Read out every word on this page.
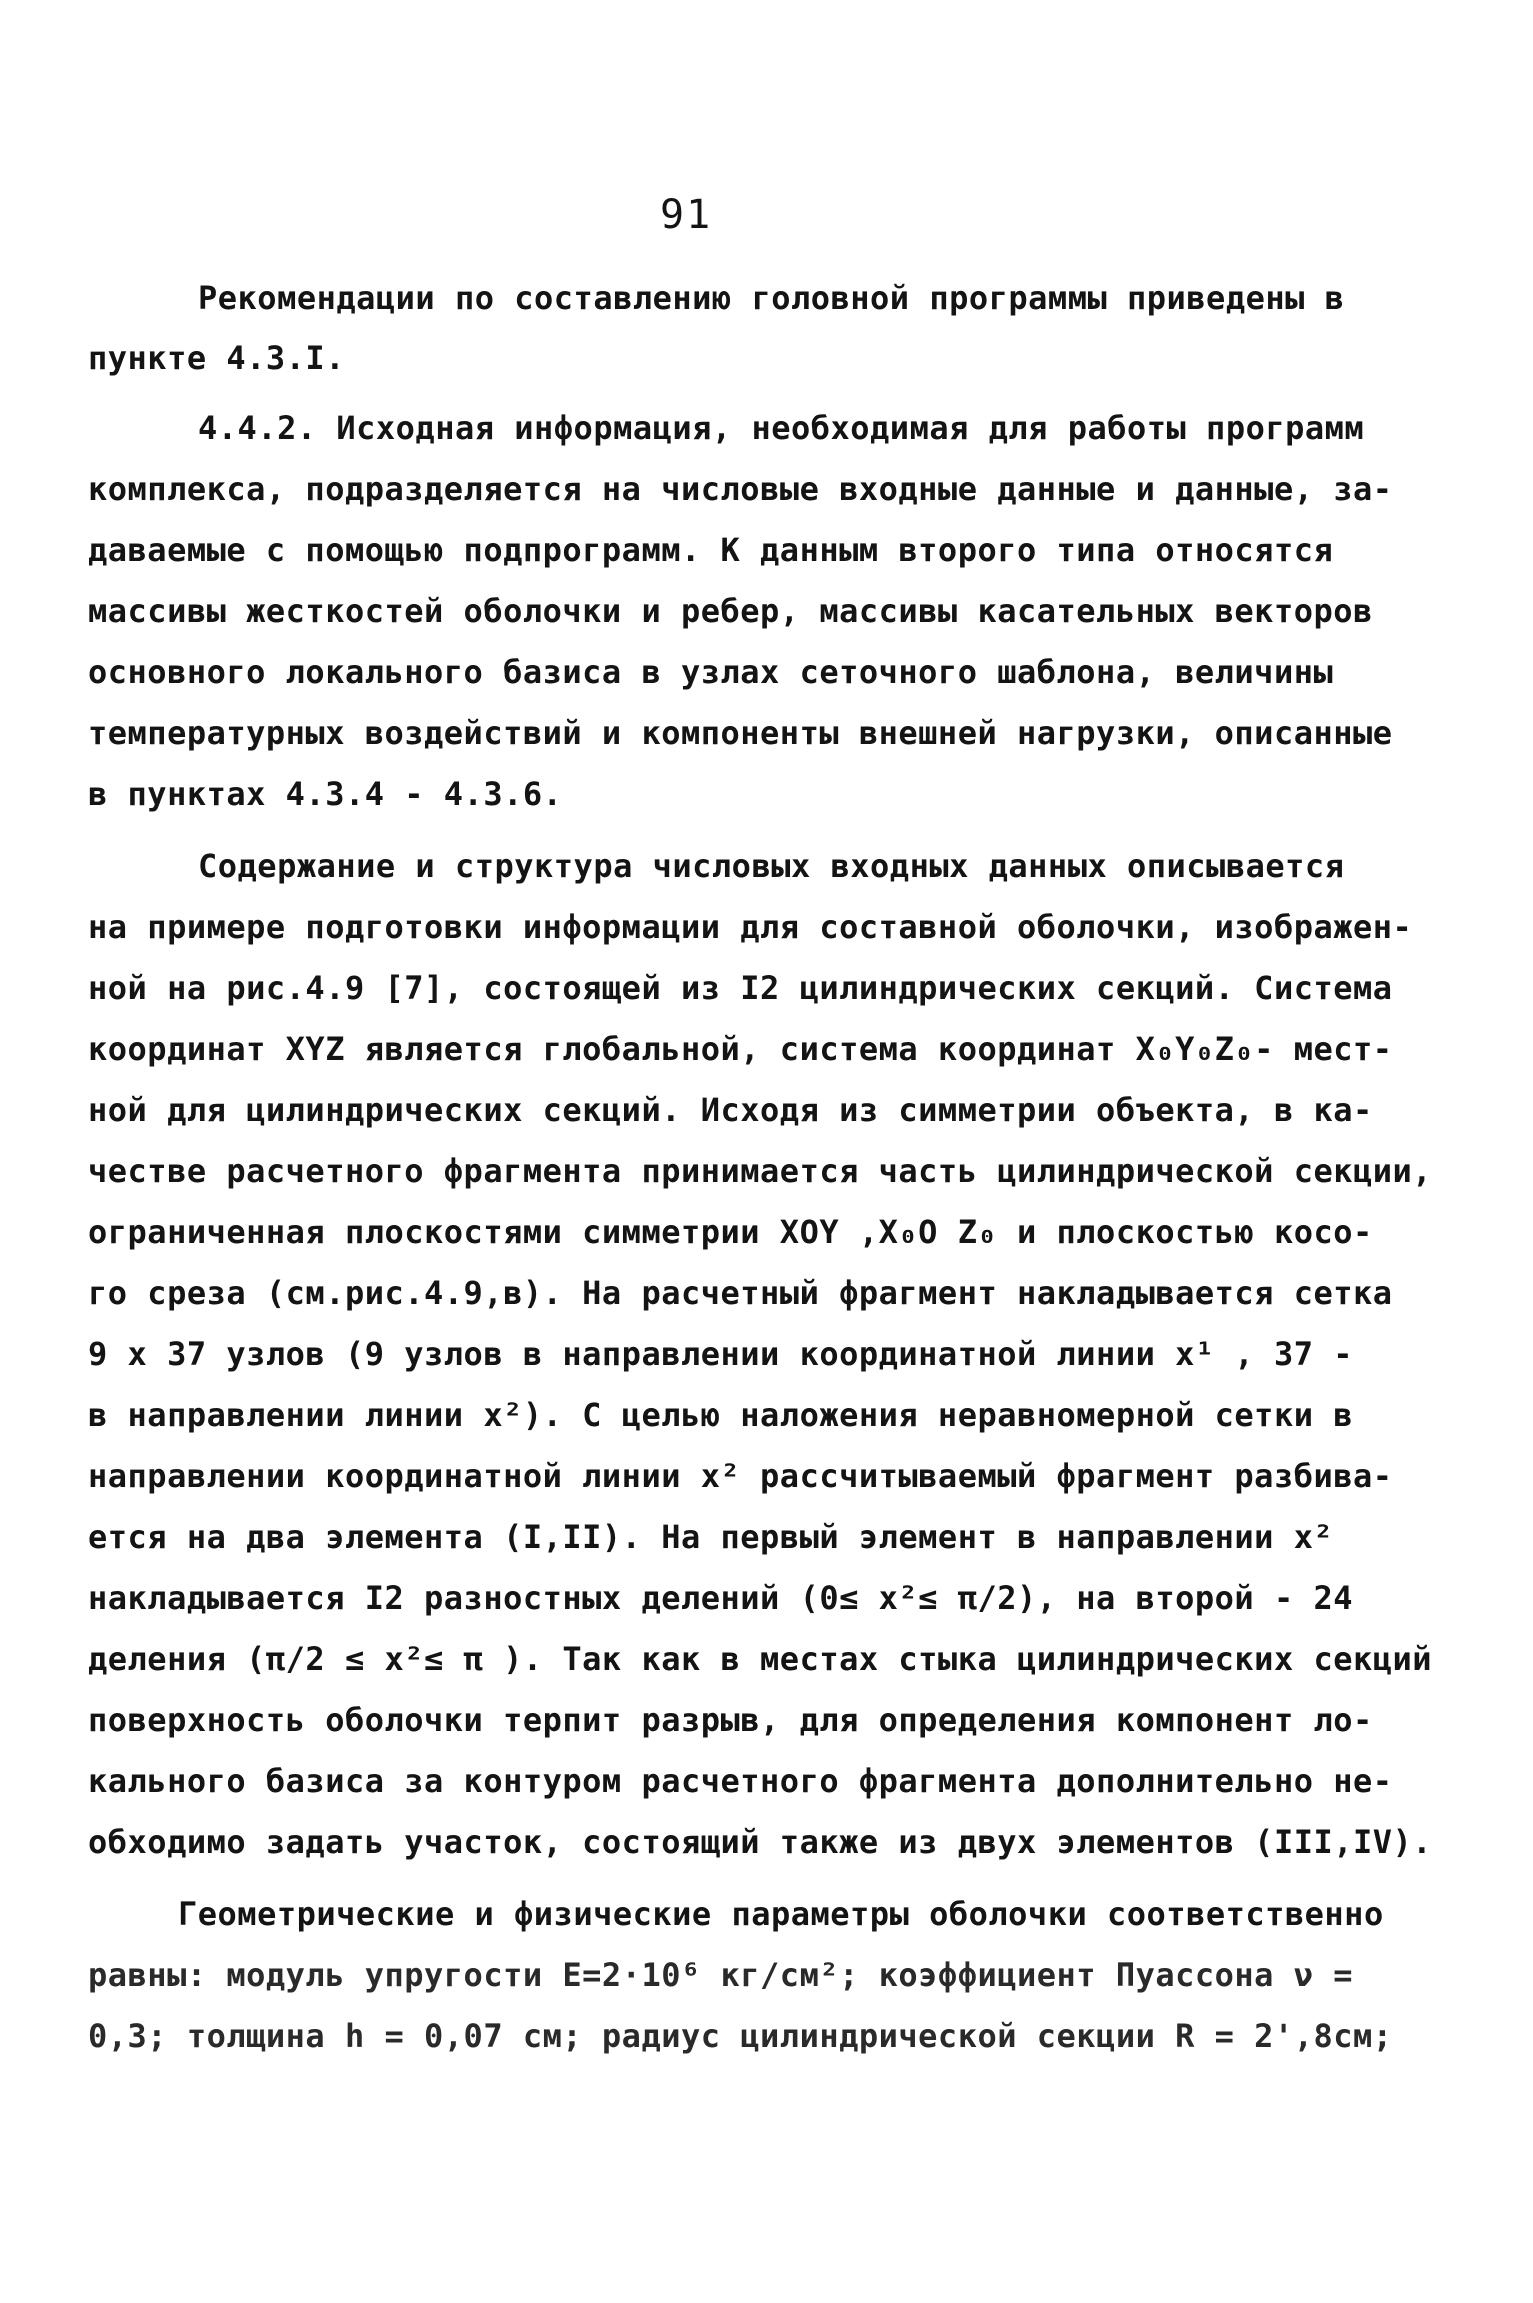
91
Рекомендации по составлению головной программы приведены в
пункте 4.3.I.
4.4.2. Исходная информация, необходимая для работы программ
комплекса, подразделяется на числовые входные данные и данные, за-
даваемые с помощью подпрограмм. К данным второго типа относятся
массивы жесткостей оболочки и ребер, массивы касательных векторов
основного локального базиса в узлах сеточного шаблона, величины
температурных воздействий и компоненты внешней нагрузки, описанные
в пунктах 4.3.4 - 4.3.6.
Содержание и структура числовых входных данных описывается
на примере подготовки информации для составной оболочки, изображен-
ной на рис.4.9 [7], состоящей из I2 цилиндрических секций. Система
координат XYZ является глобальной, система координат X₀Y₀Z₀- мест-
ной для цилиндрических секций. Исходя из симметрии объекта, в ка-
честве расчетного фрагмента принимается часть цилиндрической секции,
ограниченная плоскостями симметрии XOY ,X₀O Z₀ и плоскостью косо-
го среза (см.рис.4.9,в). На расчетный фрагмент накладывается сетка
9 х 37 узлов (9 узлов в направлении координатной линии x¹ , 37 -
в направлении линии x²). С целью наложения неравномерной сетки в
направлении координатной линии x² рассчитываемый фрагмент разбива-
ется на два элемента (I,II). На первый элемент в направлении x²
накладывается I2 разностных делений (0≤ x²≤ π/2), на второй - 24
деления (π/2 ≤ x²≤ π ). Так как в местах стыка цилиндрических секций
поверхность оболочки терпит разрыв, для определения компонент ло-
кального базиса за контуром расчетного фрагмента дополнительно не-
обходимо задать участок, состоящий также из двух элементов (III,IV).
Геометрические и физические параметры оболочки соответственно
равны: модуль упругости E=2·10⁶ кг/см²; коэффициент Пуассона ν =
0,3; толщина h = 0,07 см; радиус цилиндрической секции R = 2',8см;
